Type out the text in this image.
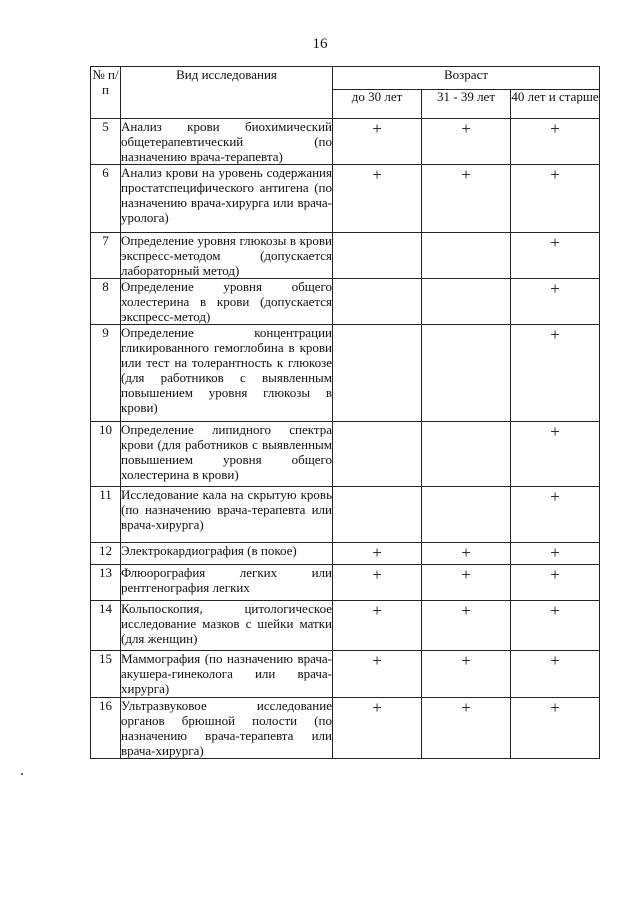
16
№ п/п	Вид исследования	Возраст		
		до 30 лет	31 - 39 лет	40 лет и старше
5	Анализ крови биохимический общетерапевтический (по назначению врача-терапевта)	+	+	+
6	Анализ крови на уровень содержания простатспецифического антигена (по назначению врача-хирурга или врача-уролога)	+	+	+
7	Определение уровня глюкозы в крови экспресс-методом (допускается лабораторный метод)			+
8	Определение уровня общего холестерина в крови (допускается экспресс-метод)			+
9	Определение концентрации гликированного гемоглобина в крови или тест на толерантность к глюкозе (для работников с выявленным повышением уровня глюкозы в крови)			+
10	Определение липидного спектра крови (для работников с выявленным повышением уровня общего холестерина в крови)			+
11	Исследование кала на скрытую кровь (по назначению врача-терапевта или врача-хирурга)			+
12	Электрокардиография (в покое)	+	+	+
13	Флюорография легких или рентгенография легких	+	+	+
14	Кольпоскопия, цитологическое исследование мазков с шейки матки (для женщин)	+	+	+
15	Маммография (по назначению врача-акушера-гинеколога или врача-хирурга)	+	+	+
16	Ультразвуковое исследование органов брюшной полости (по назначению врача-терапевта или врача-хирурга)	+	+	+
